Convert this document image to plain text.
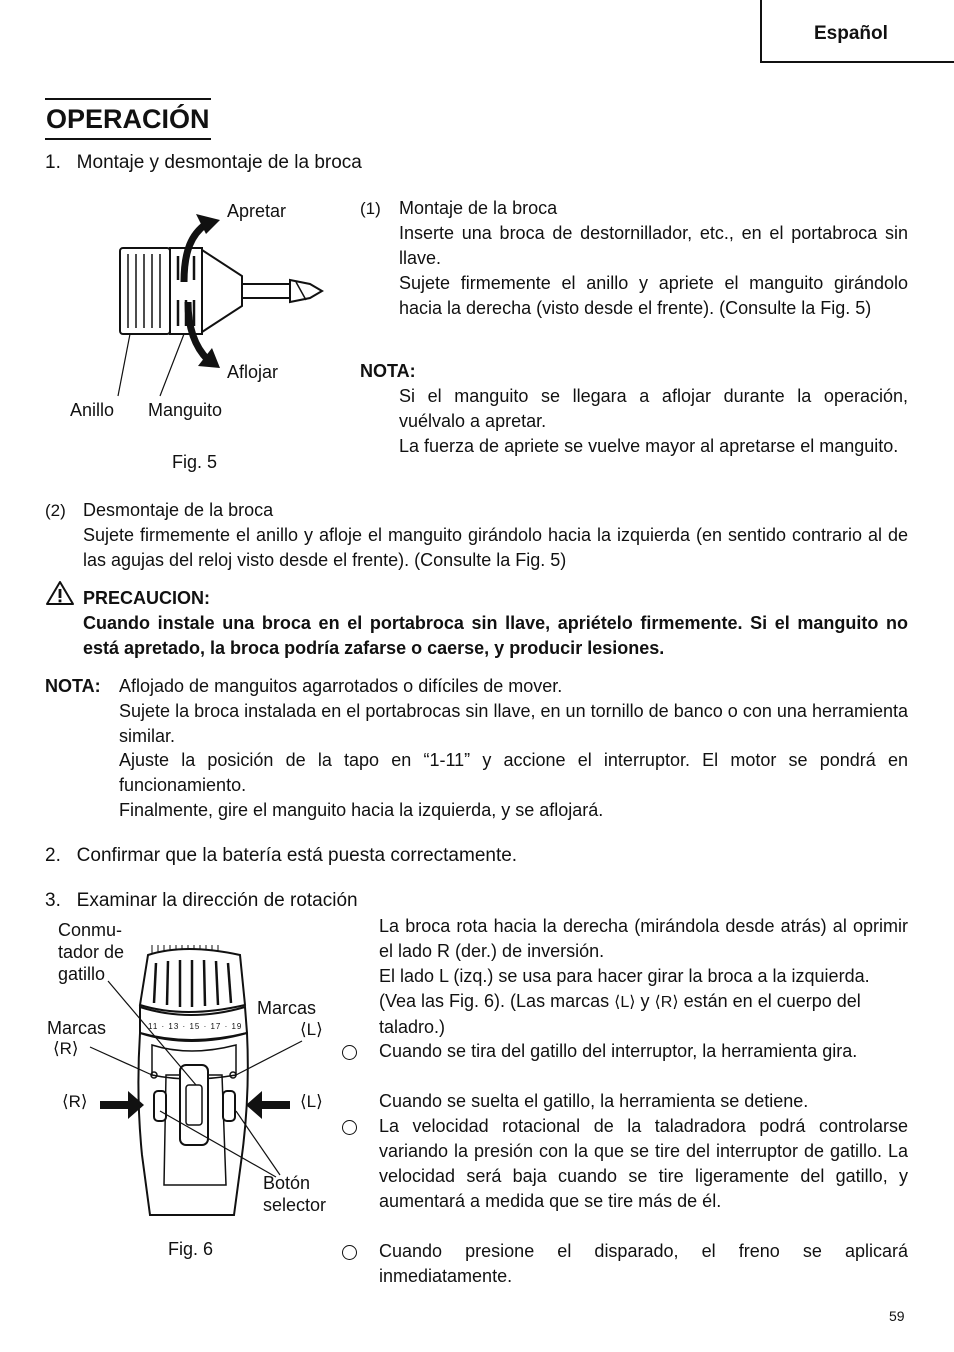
Español
OPERACIÓN
1.   Montaje y desmontaje de la broca
Apretar
Aflojar
Anillo Manguito
Fig. 5
(1) Montaje de la broca
Inserte una broca de destornillador, etc., en el portabroca sin llave.
Sujete firmemente el anillo y apriete el manguito girándolo hacia la derecha (visto desde el frente). (Consulte la Fig. 5)
NOTA:
Si el manguito se llegara a aflojar durante la operación, vuélvalo a apretar.
La fuerza de apriete se vuelve mayor al apretarse el manguito.
(2) Desmontaje de la broca
Sujete firmemente el anillo y afloje el manguito girándolo hacia la izquierda (en sentido contrario al de las agujas del reloj visto desde el frente). (Consulte la Fig. 5)
PRECAUCION:
Cuando instale una broca en el portabroca sin llave, apriételo firmemente. Si el manguito no está apretado, la broca podría zafarse o caerse, y producir lesiones.
NOTA: Aflojado de manguitos agarrotados o difíciles de mover.
Sujete la broca instalada en el portabrocas sin llave, en un tornillo de banco o con una herramienta similar.
Ajuste la posición de la tapo en “1-11” y accione el interruptor. El motor se pondrá en funcionamiento.
Finalmente, gire el manguito hacia la izquierda, y se aflojará.
2.   Confirmar que la batería está puesta correctamente.
3.   Examinar la dirección de rotación
11 · 13 · 15 · 17 · 19
Conmu-
tador de
gatillo
Marcas
⟨R⟩
Marcas
⟨L⟩
⟨R⟩	⟨L⟩
Botón
selector
Fig. 6
La broca rota hacia la derecha (mirándola desde atrás) al oprimir el lado R (der.) de inversión.
El lado L (izq.) se usa para hacer girar la broca a la izquierda. (Vea las Fig. 6). (Las marcas ⟨L⟩ y ⟨R⟩ están en el cuerpo del taladro.)
Cuando se tira del gatillo del interruptor, la herramienta gira.
Cuando se suelta el gatillo, la herramienta se detiene.
La velocidad rotacional de la taladradora podrá controlarse variando la presión con la que se tire del interruptor de gatillo. La velocidad será baja cuando se tire ligeramente del gatillo, y aumentará a medida que se tire más de él.
Cuando presione el disparado, el freno se aplicará inmediatamente.
59
